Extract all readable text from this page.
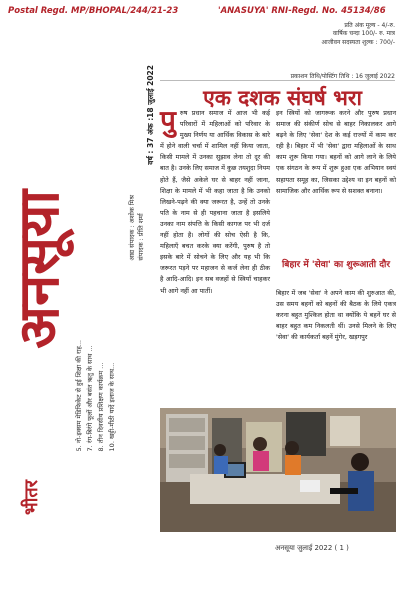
Postal Regd. MP/BHOPAL/244/21-23	'ANASUYA' RNI-Regd. No. 45134/86
प्रति अंक मूल्य - 4/-रु.
वार्षिक चन्दा 100/- रु. मात्र
आजीवन सदस्यता शुल्क : 700/-
प्रकाशन तिथि/पोस्टिंग तिथि : 16 जुलाई 2022
अनसूया
वर्ष : 37 अंक :18 जुलाई 2022
आद्य संपादक : अशोक मिश्र संपादक : प्रीति शर्मा
भीतर
5. नो-इक्सम मेडिफिकेट से हुई शिक्षा की राह... 7. रंग-बिरंगे फूलों और बसंत ऋतु के साथ ... 8. तीन दिवसीय प्रशिक्षण कार्यक्रम ... 10. खट्टी-मीठी यादें इलाज के साथ...
एक दशक संघर्ष भरा
पु रुष प्रधान समाज में आज भी कई परिवारों में महिलाओं को परिवार के मुख्य निर्णय या आर्थिक विकास के बारे में होने वाली चर्चा में शामिल नहीं किया जाता, किसी मामले में उनका सुझाव लेना तो दूर की बात है। उनके लिए समाज में कुछ तयशुदा नियम होते हैं, जैसे अकेले घर से बाहर नहीं जाना, शिक्षा के मामले में भी कहा जाता है कि उनको लिखने-पढ़ने की क्या जरूरत है, उन्हें तो उनके पति के नाम से ही पहचाना जाता है इसलिये उनका नाम संपत्ति के किसी कागज पर भी दर्ज नहीं होता है। लोगों की सोच ऐसी है कि, महिलाएँ बचत करके क्या करेंगी, पुरुष है तो इसके बारे में सोचने के लिए और यह भी कि जरूरत पड़ने पर महाजन से कर्ज लेना ही ठीक है आदि-आदि। इन सब वजहों से स्त्रियाँ चाहकर भी आगे नहीं आ पातीं।
इन स्त्रियों को जागरूक करने और पुरुष प्रधान समाज की संकीर्ण सोच से बाहर निकालकर आगे बढ़ने के लिए 'सेवा' देश के कई राज्यों में काम कर रही है। बिहार में भी 'सेवा' द्वारा महिलाओं के साथ काम शुरू किया गया। बहनों को आगे लाने के लिये एक संगठन के रूप में शुरू हुआ एक अभियान स्वयं सहायता समूह का, जिसका उद्देश्य था इन बहनों को सामाजिक और आर्थिक रूप से सशक्त बनाना।
बिहार में 'सेवा' का शुरूआती दौर
बिहार में जब 'सेवा' ने अपने काम की शुरुआत की, उस समय बहनों को बहनों की बैठक के लिये एकत्र करना बहुत मुश्किल होता था क्योंकि ये बहनें घर से बाहर बहुत कम निकलती थीं। उनसे मिलने के लिए 'सेवा' की कार्यकर्ता बहनें मुंगेर, खड़गपुर
अनसूया जुलाई 2022 ( 1 )
